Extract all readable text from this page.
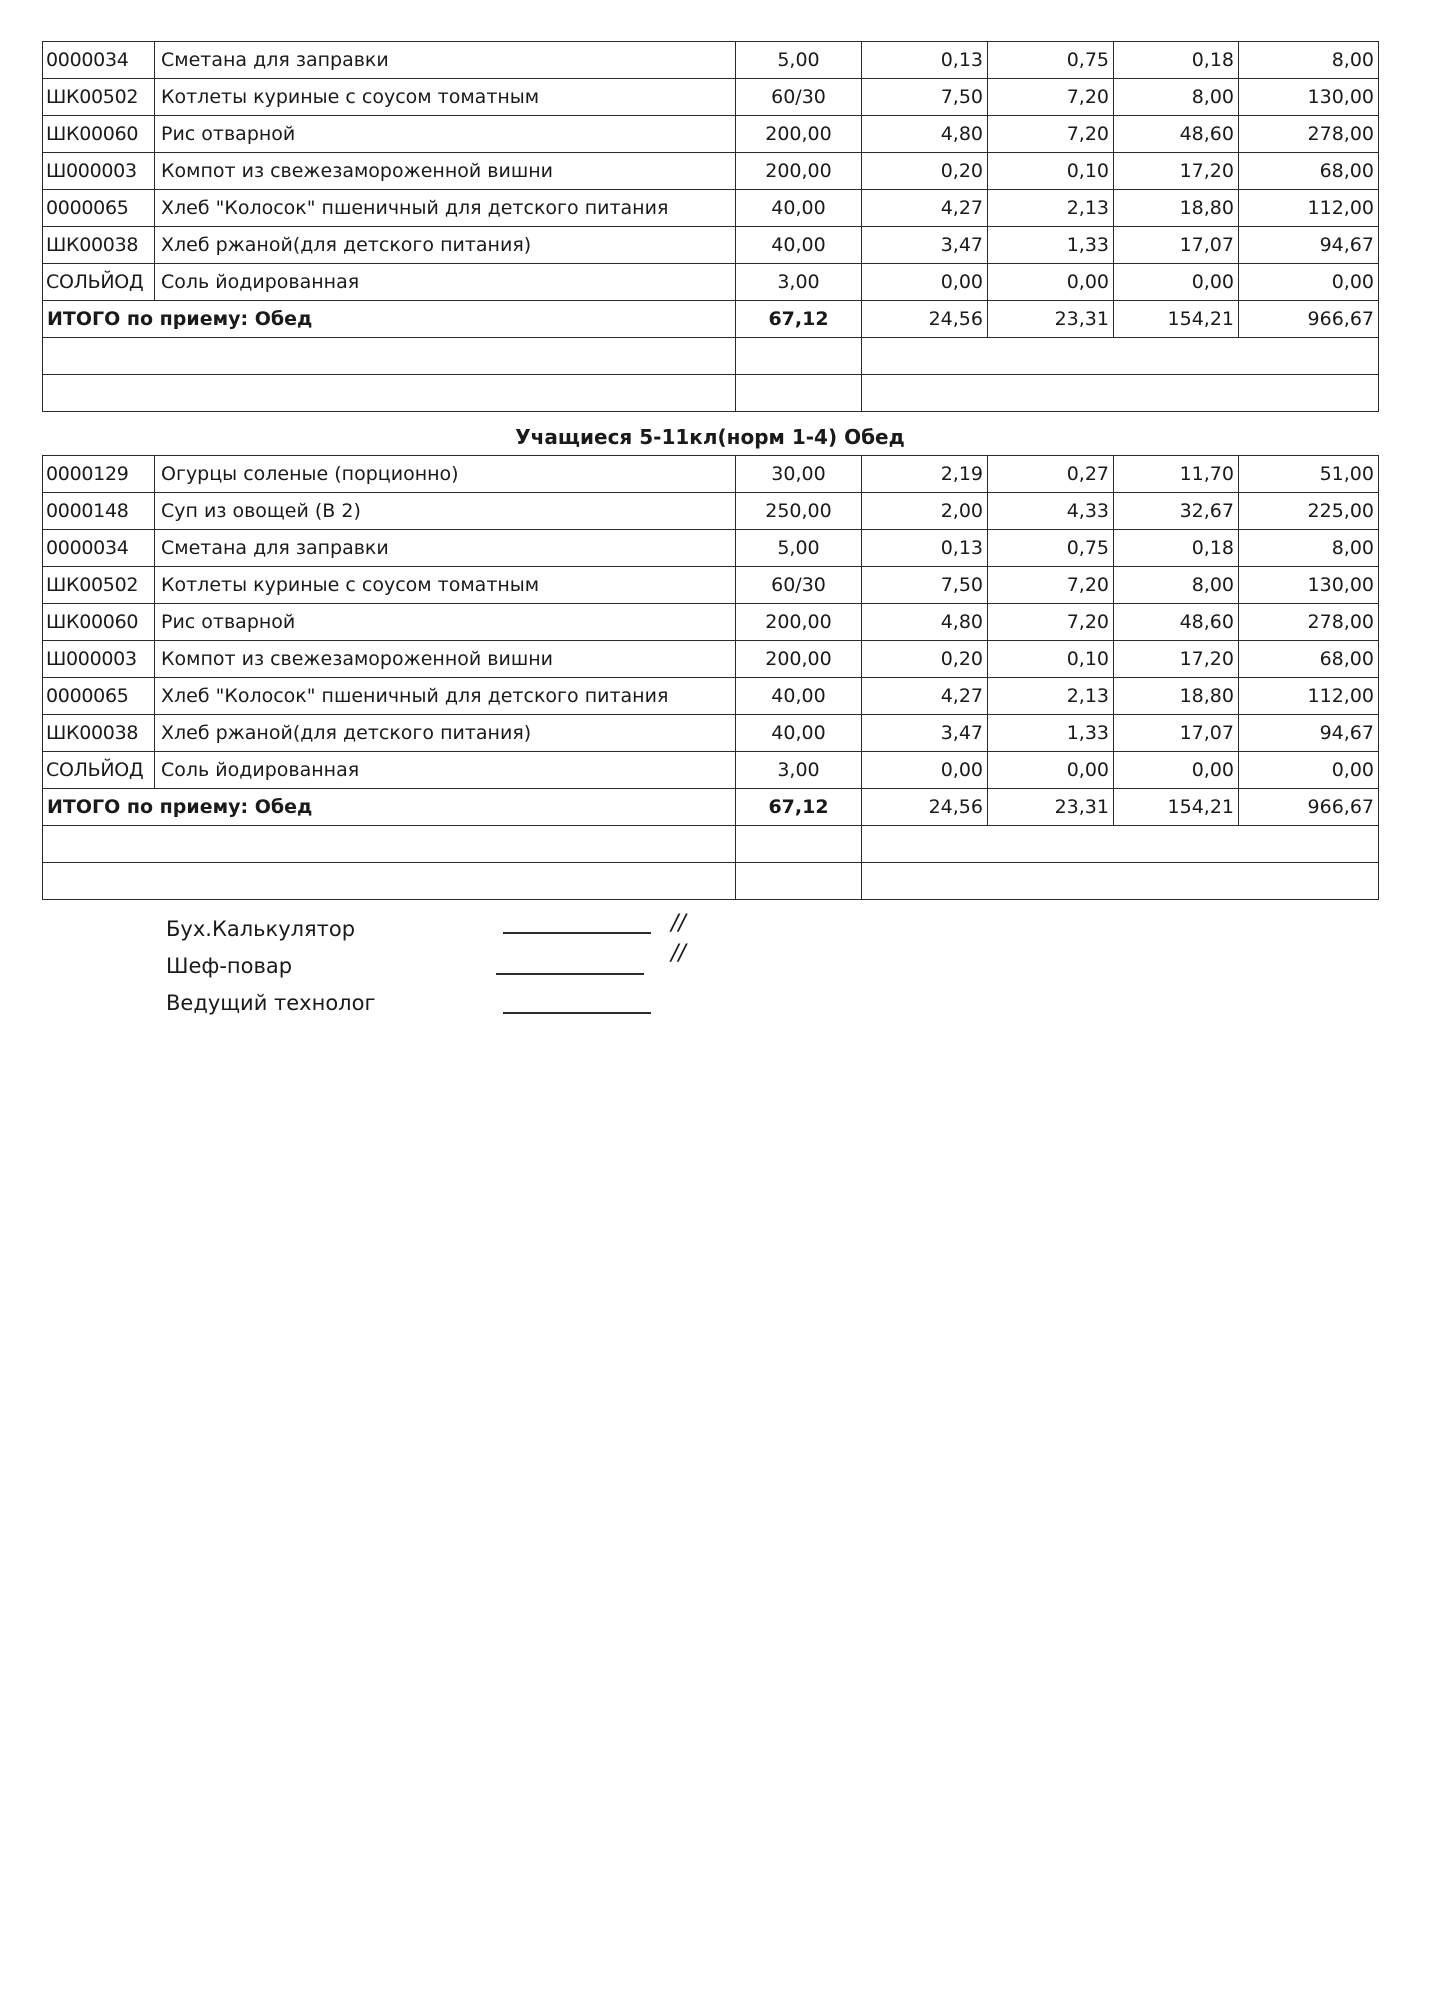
0000034	Сметана для заправки	5,00	0,13	0,75	0,18	8,00
ШК00502	Котлеты куриные с соусом томатным	60/30	7,50	7,20	8,00	130,00
ШК00060	Рис отварной	200,00	4,80	7,20	48,60	278,00
Ш000003	Компот из свежезамороженной вишни	200,00	0,20	0,10	17,20	68,00
0000065	Хлеб "Колосок" пшеничный для детского питания	40,00	4,27	2,13	18,80	112,00
ШК00038	Хлеб ржаной(для детского питания)	40,00	3,47	1,33	17,07	94,67
СОЛЬЙОД	Соль йодированная	3,00	0,00	0,00	0,00	0,00
ИТОГО по приему: Обед		67,12	24,56	23,31	154,21	966,67

Учащиеся 5-11кл(норм 1-4) Обед
0000129	Огурцы соленые (порционно)	30,00	2,19	0,27	11,70	51,00
0000148	Суп из овощей (В 2)	250,00	2,00	4,33	32,67	225,00
0000034	Сметана для заправки	5,00	0,13	0,75	0,18	8,00
ШК00502	Котлеты куриные с соусом томатным	60/30	7,50	7,20	8,00	130,00
ШК00060	Рис отварной	200,00	4,80	7,20	48,60	278,00
Ш000003	Компот из свежезамороженной вишни	200,00	0,20	0,10	17,20	68,00
0000065	Хлеб "Колосок" пшеничный для детского питания	40,00	4,27	2,13	18,80	112,00
ШК00038	Хлеб ржаной(для детского питания)	40,00	3,47	1,33	17,07	94,67
СОЛЬЙОД	Соль йодированная	3,00	0,00	0,00	0,00	0,00
ИТОГО по приему: Обед		67,12	24,56	23,31	154,21	966,67

Бух.Калькулятор	//
Шеф-повар	//
Ведущий технолог
